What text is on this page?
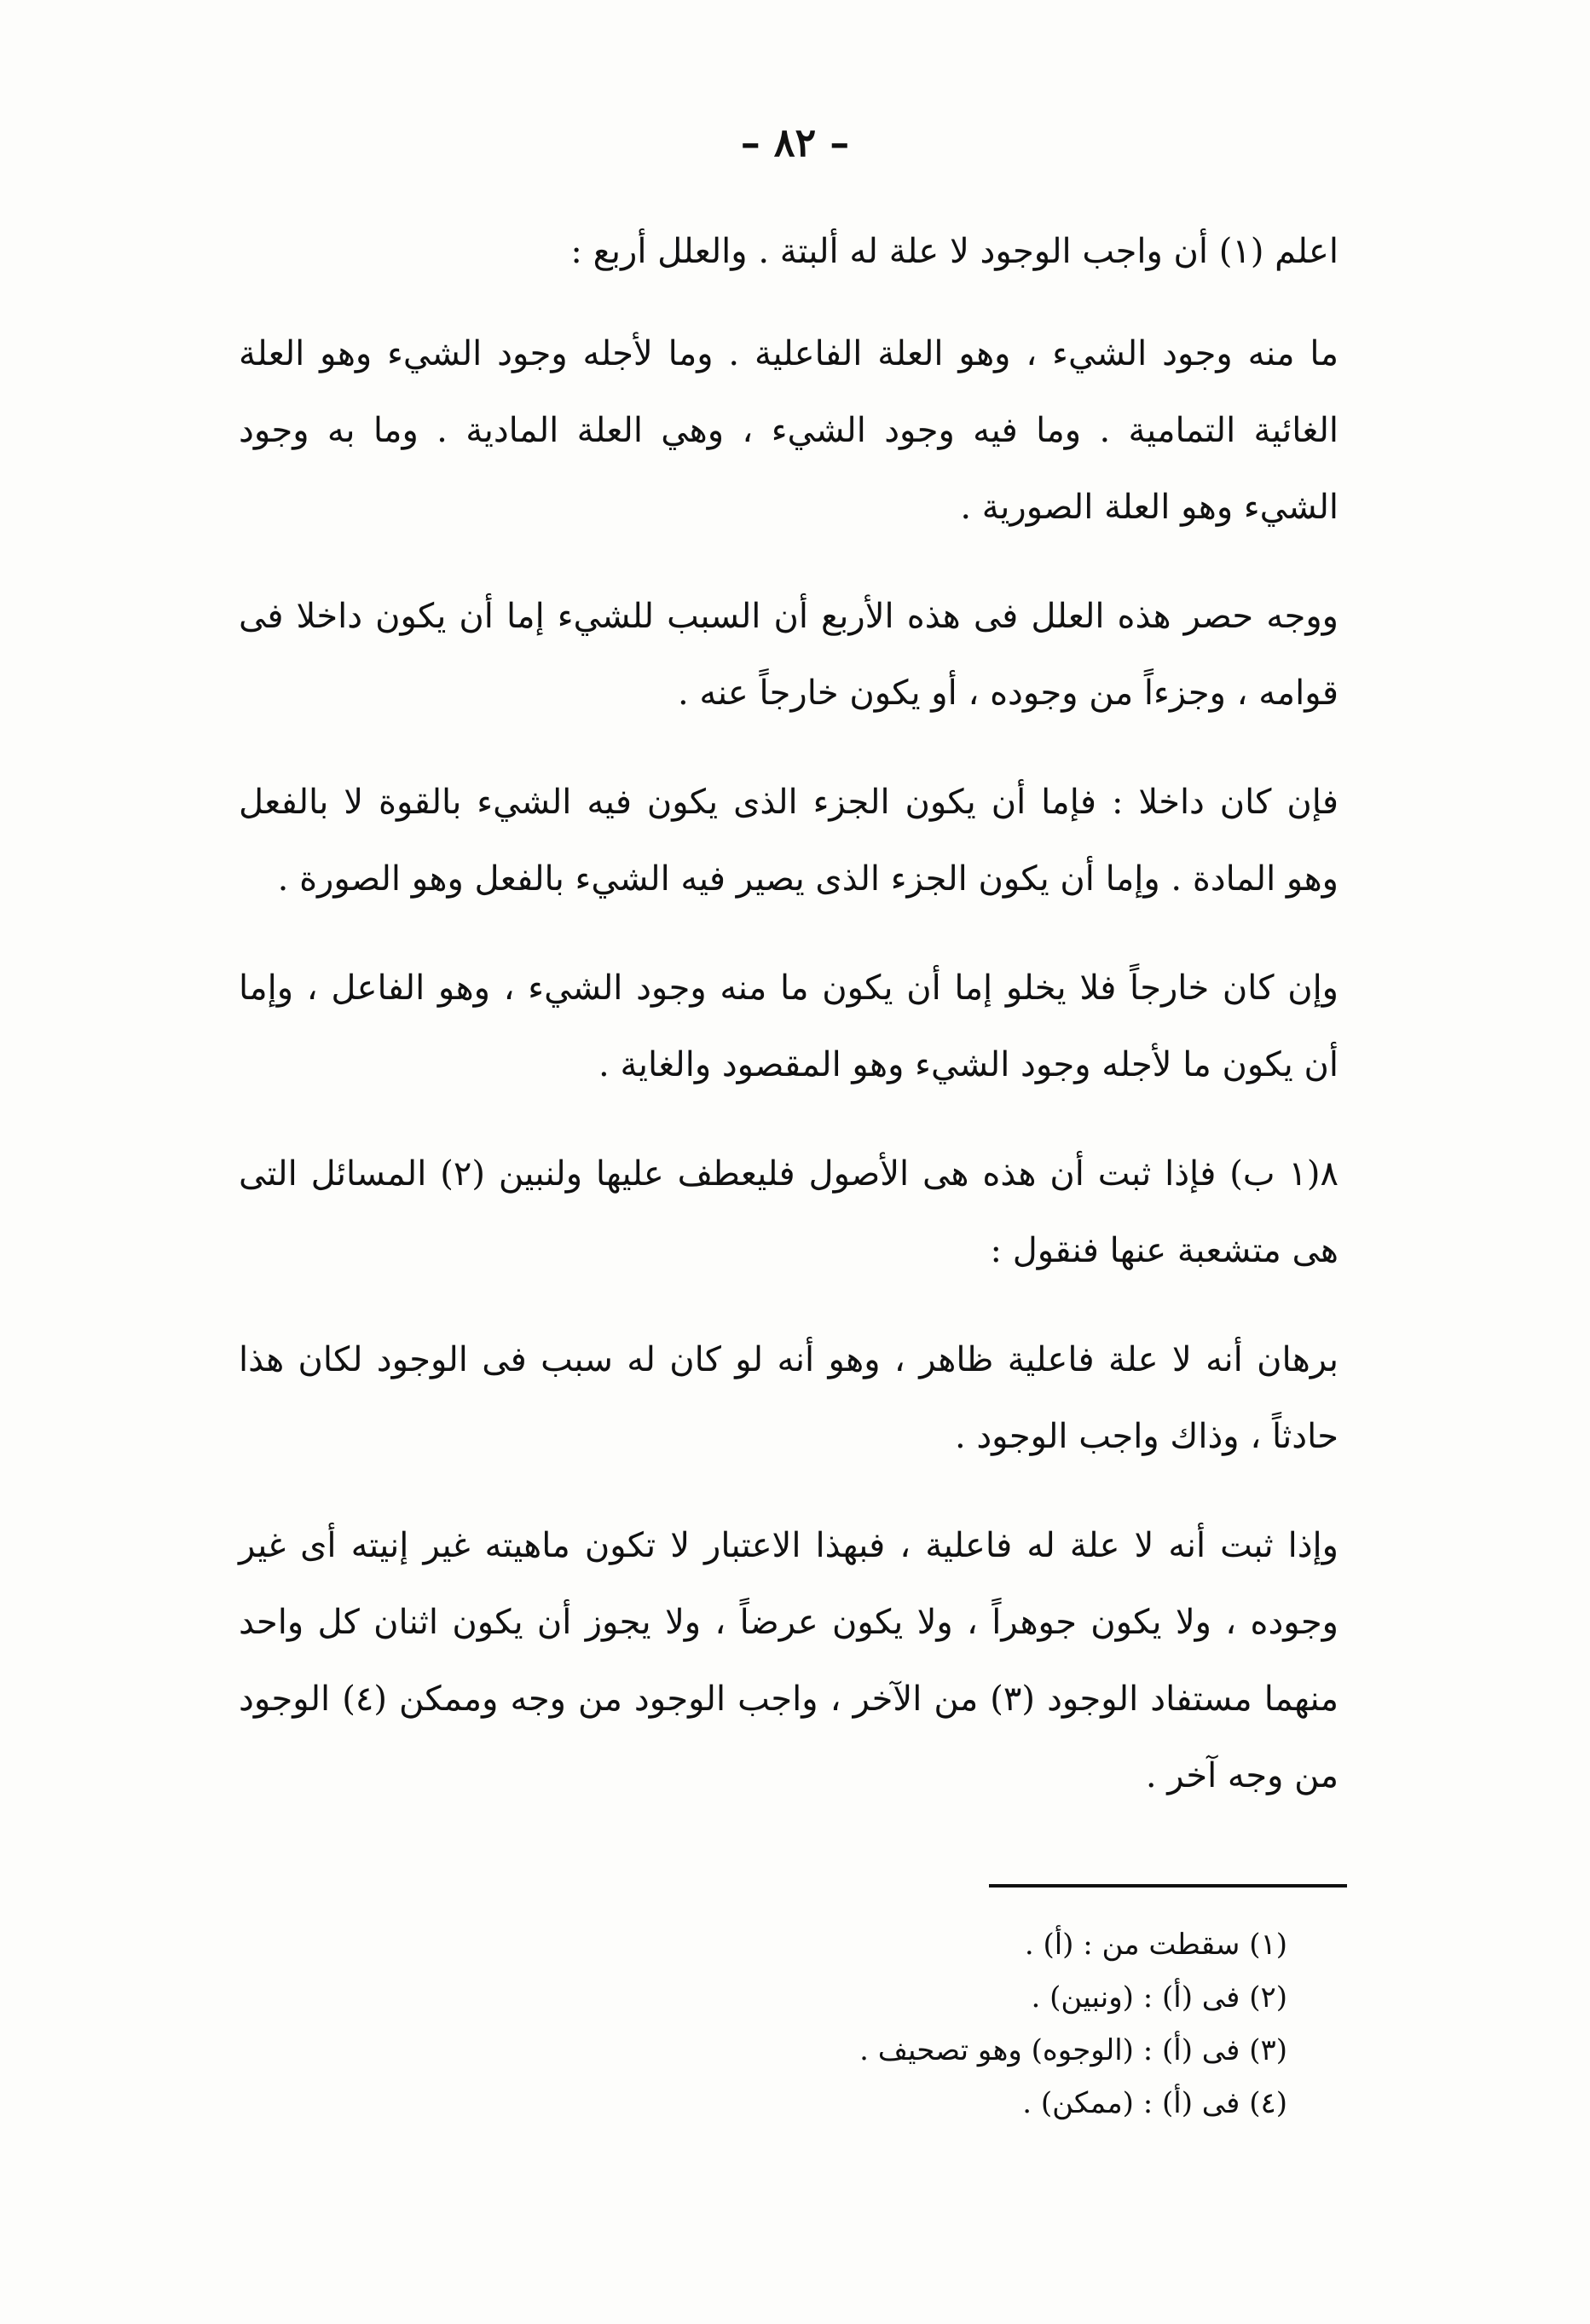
– ٨٢ –

اعلم (١) أن واجب الوجود لا علة له ألبتة . والعلل أربع :

ما منه وجود الشيء ، وهو العلة الفاعلية . وما لأجله وجود الشيء وهو العلة الغائية التمامية . وما فيه وجود الشيء ، وهي العلة المادية . وما به وجود الشيء وهو العلة الصورية .

ووجه حصر هذه العلل فى هذه الأربع أن السبب للشيء إما أن يكون داخلا فى قوامه ، وجزءاً من وجوده ، أو يكون خارجاً عنه .

فإن كان داخلا : فإما أن يكون الجزء الذى يكون فيه الشيء بالقوة لا بالفعل وهو المادة . وإما أن يكون الجزء الذى يصير فيه الشيء بالفعل وهو الصورة .

وإن كان خارجاً فلا يخلو إما أن يكون ما منه وجود الشيء ، وهو الفاعل ، وإما أن يكون ما لأجله وجود الشيء وهو المقصود والغاية .

٨(١ ب) فإذا ثبت أن هذه هى الأصول فليعطف عليها ولنبين (٢) المسائل التى هى متشعبة عنها فنقول :

برهان أنه لا علة فاعلية ظاهر ، وهو أنه لو كان له سبب فى الوجود لكان هذا حادثاً ، وذاك واجب الوجود .

وإذا ثبت أنه لا علة له فاعلية ، فبهذا الاعتبار لا تكون ماهيته غير إنيته أى غير وجوده ، ولا يكون جوهراً ، ولا يكون عرضاً ، ولا يجوز أن يكون اثنان كل واحد منهما مستفاد الوجود (٣) من الآخر ، واجب الوجود من وجه وممكن (٤) الوجود من وجه آخر .

(١) سقطت من : (أ) .

(٢) فى (أ) : (ونبين) .

(٣) فى (أ) : (الوجوه) وهو تصحيف .

(٤) فى (أ) : (ممكن) .
